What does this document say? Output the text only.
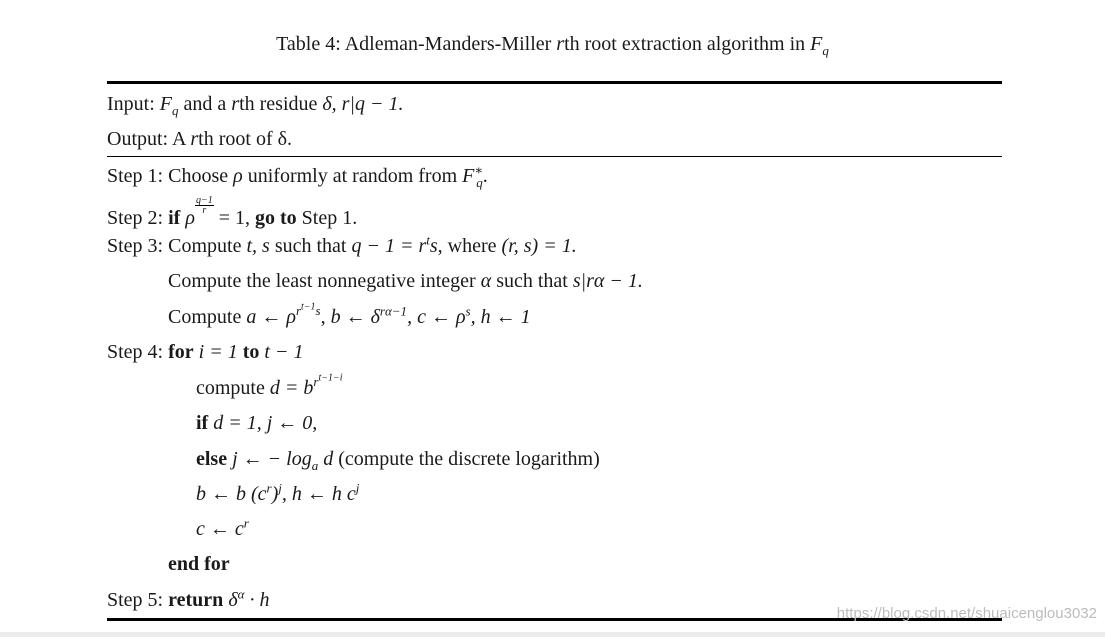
Table 4: Adleman-Manders-Miller rth root extraction algorithm in $F_q$
Input: $F_q$ and a rth residue δ, r|q − 1.
Output: A rth root of δ.
Step 1: Choose ρ uniformly at random from $F^∗_q$.
Step 2: if ρ
$\frac{q-1}{r}$
= 1, go to Step 1.
Step 3: Compute t, s such that $q - 1 = r^ts$, where (r, s) = 1.
Compute the least nonnegative integer α such that s|rα − 1.
Compute a ← $\rho^{r^{t-1}s}$, b ← $\delta^{r\alpha-1}$, c ← $\rho^s$, h ← 1
Step 4: for i = 1 to t − 1
compute $d = b^{r^{t-1-i}}$
if d = 1, j ← 0,
else j ← − $\log_a d$ (compute the discrete logarithm)
b ← b $(c^r)^j$, h ← h $c^j$
c ← $c^r$
end for
Step 5: return $\delta^\alpha \cdot h$
https://blog.csdn.net/shuaicenglou3032
